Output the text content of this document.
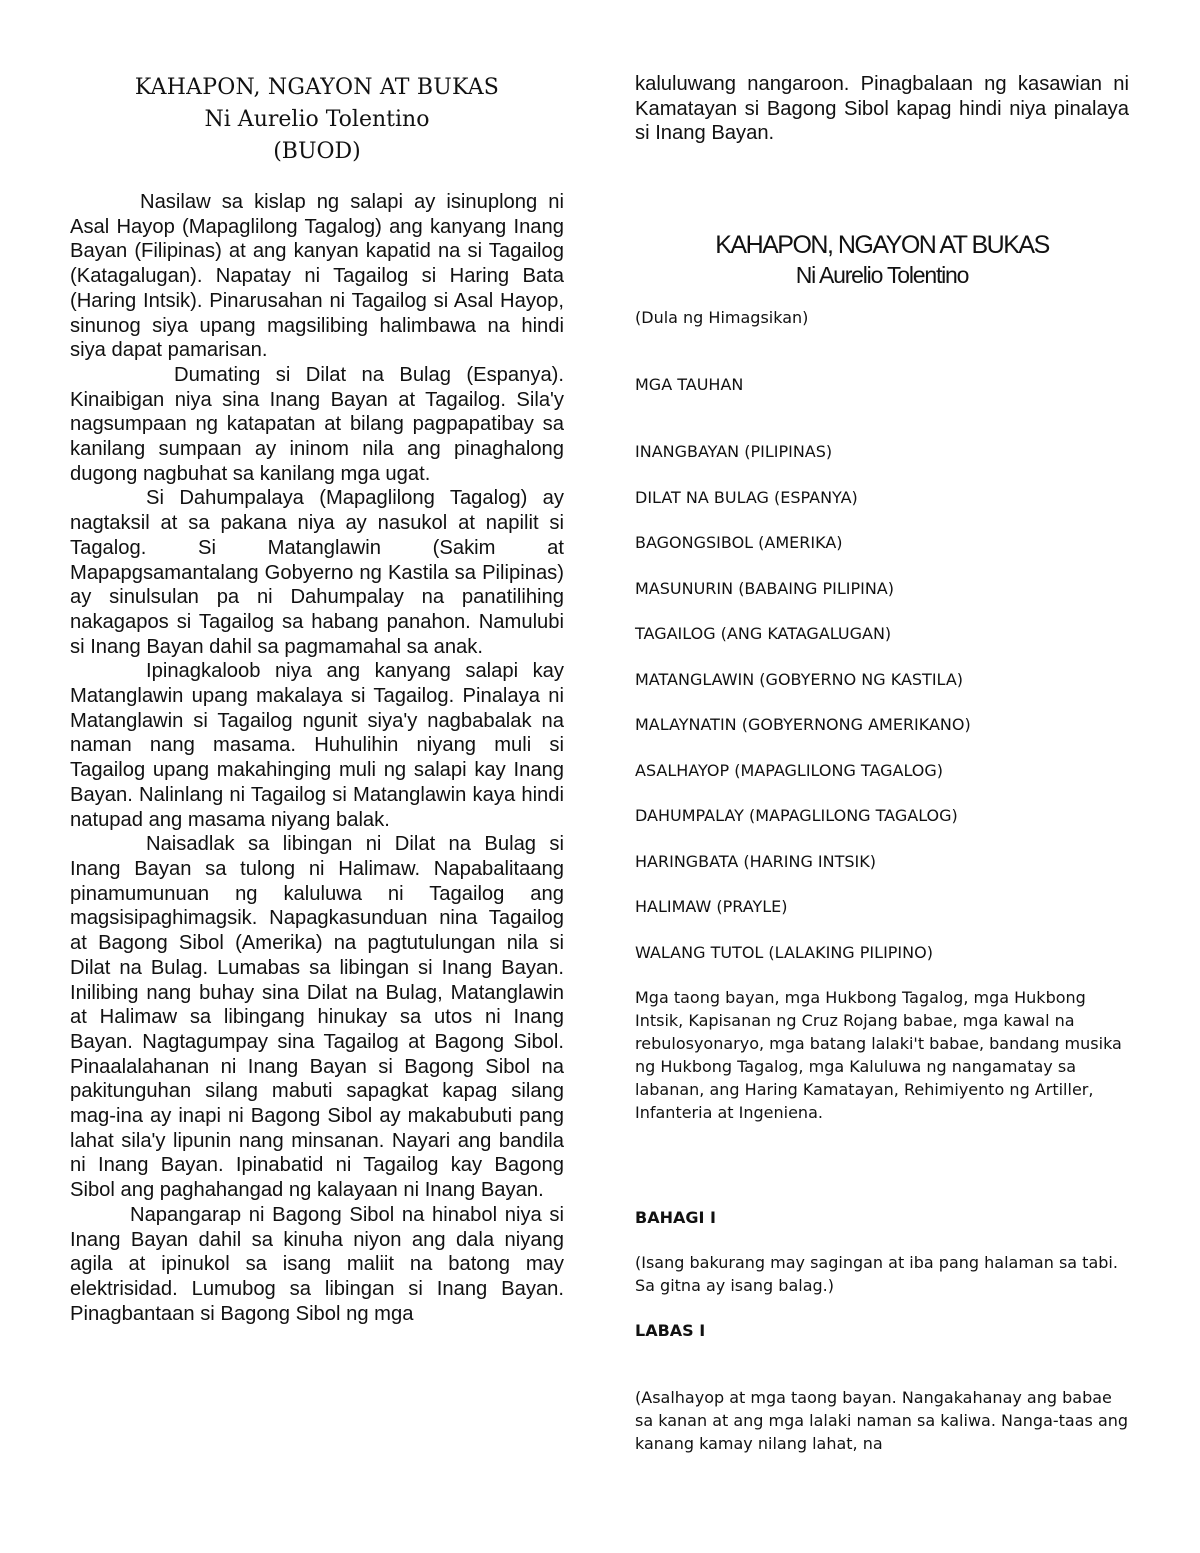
KAHAPON, NGAYON AT BUKAS
Ni Aurelio Tolentino
(BUOD)

Nasilaw sa kislap ng salapi ay isinuplong ni Asal Hayop (Mapaglilong Tagalog) ang kanyang Inang Bayan (Filipinas) at ang kanyan kapatid na si Tagailog (Katagalugan). Napatay ni Tagailog si Haring Bata (Haring Intsik). Pinarusahan ni Tagailog si Asal Hayop, sinunog siya upang magsilibing halimbawa na hindi siya dapat pamarisan.

Dumating si Dilat na Bulag (Espanya). Kinaibigan niya sina Inang Bayan at Tagailog. Sila'y nagsumpaan ng katapatan at bilang pagpapatibay sa kanilang sumpaan ay ininom nila ang pinaghalong dugong nagbuhat sa kanilang mga ugat.

Si Dahumpalaya (Mapaglilong Tagalog) ay nagtaksil at sa pakana niya ay nasukol at napilit si Tagalog. Si Matanglawin (Sakim at Mapapgsamantalang Gobyerno ng Kastila sa Pilipinas) ay sinulsulan pa ni Dahumpalay na panatilihing nakagapos si Tagailog sa habang panahon. Namulubi si Inang Bayan dahil sa pagmamahal sa anak.

Ipinagkaloob niya ang kanyang salapi kay Matanglawin upang makalaya si Tagailog. Pinalaya ni Matanglawin si Tagailog ngunit siya'y nagbabalak na naman nang masama. Huhulihin niyang muli si Tagailog upang makahinging muli ng salapi kay Inang Bayan. Nalinlang ni Tagailog si Matanglawin kaya hindi natupad ang masama niyang balak.

Naisadlak sa libingan ni Dilat na Bulag si Inang Bayan sa tulong ni Halimaw. Napabalitaang pinamumunuan ng kaluluwa ni Tagailog ang magsisipaghimagsik. Napagkasunduan nina Tagailog at Bagong Sibol (Amerika) na pagtutulungan nila si Dilat na Bulag. Lumabas sa libingan si Inang Bayan. Inilibing nang buhay sina Dilat na Bulag, Matanglawin at Halimaw sa libingang hinukay sa utos ni Inang Bayan. Nagtagumpay sina Tagailog at Bagong Sibol. Pinaalalahanan ni Inang Bayan si Bagong Sibol na pakitunguhan silang mabuti sapagkat kapag silang mag-ina ay inapi ni Bagong Sibol ay makabubuti pang lahat sila'y lipunin nang minsanan. Nayari ang bandila ni Inang Bayan. Ipinabatid ni Tagailog kay Bagong Sibol ang paghahangad ng kalayaan ni Inang Bayan.

Napangarap ni Bagong Sibol na hinabol niya si Inang Bayan dahil sa kinuha niyon ang dala niyang agila at ipinukol sa isang maliit na batong may elektrisidad. Lumubog sa libingan si Inang Bayan. Pinagbantaan si Bagong Sibol ng mga

kaluluwang nangaroon. Pinagbalaan ng kasawian ni Kamatayan si Bagong Sibol kapag hindi niya pinalaya si Inang Bayan.

KAHAPON, NGAYON AT BUKAS
Ni Aurelio Tolentino

(Dula ng Himagsikan)

MGA TAUHAN

INANGBAYAN (PILIPINAS)
DILAT NA BULAG (ESPANYA)
BAGONGSIBOL (AMERIKA)
MASUNURIN (BABAING PILIPINA)
TAGAILOG (ANG KATAGALUGAN)
MATANGLAWIN (GOBYERNO NG KASTILA)
MALAYNATIN (GOBYERNONG AMERIKANO)
ASALHAYOP (MAPAGLILONG TAGALOG)
DAHUMPALAY (MAPAGLILONG TAGALOG)
HARINGBATA (HARING INTSIK)
HALIMAW (PRAYLE)
WALANG TUTOL (LALAKING PILIPINO)

Mga taong bayan, mga Hukbong Tagalog, mga Hukbong Intsik, Kapisanan ng Cruz Rojang babae, mga kawal na rebulosyonaryo, mga batang lalaki't babae, bandang musika ng Hukbong Tagalog, mga Kaluluwa ng nangamatay sa labanan, ang Haring Kamatayan, Rehimiyento ng Artiller, Infanteria at Ingeniena.

BAHAGI I

(Isang bakurang may sagingan at iba pang halaman sa tabi. Sa gitna ay isang balag.)

LABAS I

(Asalhayop at mga taong bayan. Nangakahanay ang babae sa kanan at ang mga lalaki naman sa kaliwa. Nanga-taas ang kanang kamay nilang lahat, na
